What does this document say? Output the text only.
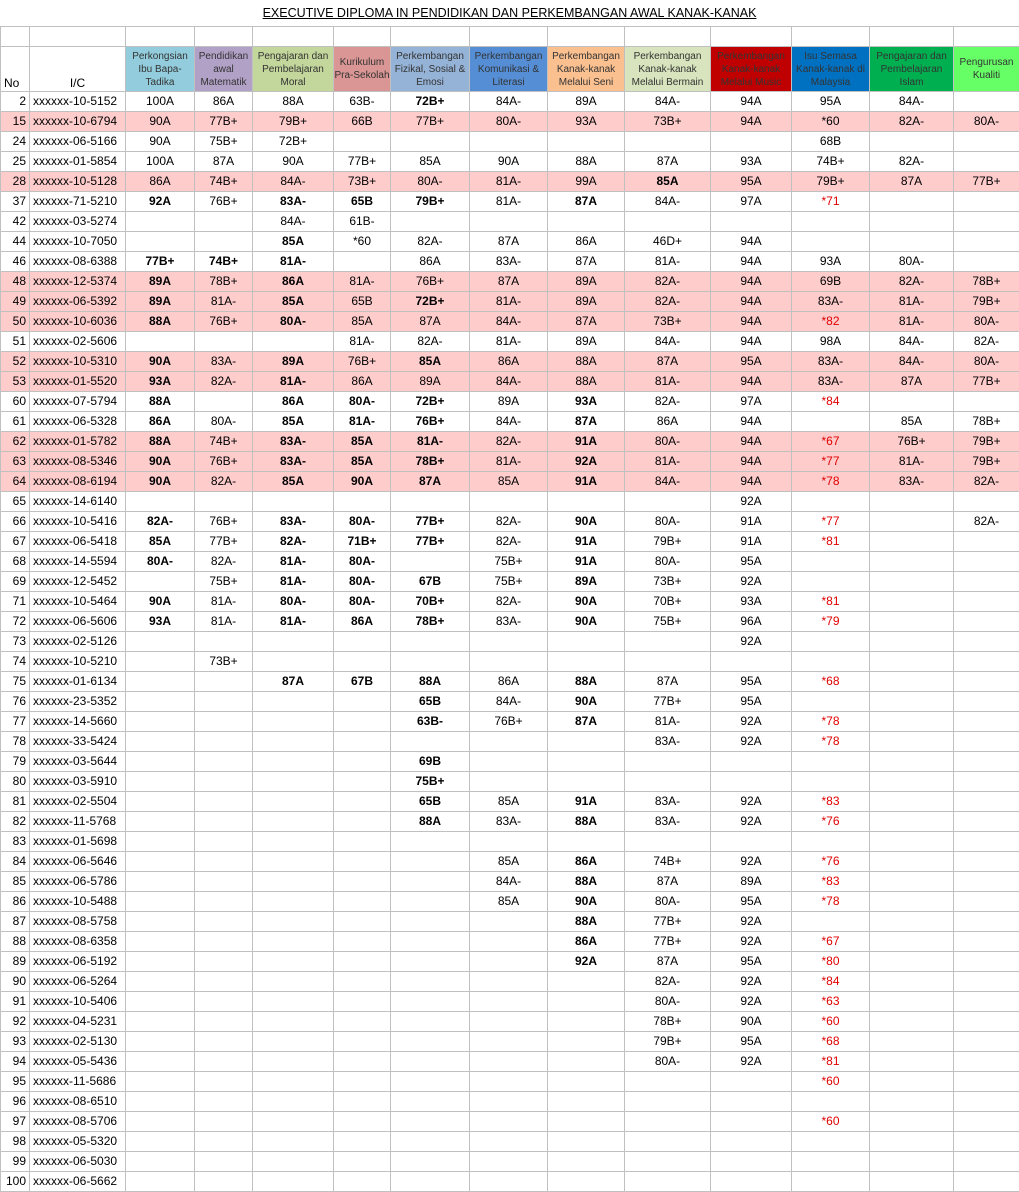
EXECUTIVE DIPLOMA IN PENDIDIKAN DAN PERKEMBANGAN AWAL KANAK-KANAK

No	I/C	Perkongsian Ibu Bapa-Tadika	Pendidikan awal Matematik	Pengajaran dan Pembelajaran Moral	Kurikulum Pra-Sekolah	Perkembangan Fizikal, Sosial & Emosi	Perkembangan Komunikasi & Literasi	Perkembangan Kanak-kanak Melalui Seni	Perkembangan Kanak-kanak Melalui Bermain	Perkembangan Kanak-kanak Melalui Music	Isu Semasa Kanak-kanak di Malaysia	Pengajaran dan Pembelajaran Islam	Pengurusan Kualiti
2	xxxxxx-10-5152	100A	86A	88A	63B-	72B+	84A-	89A	84A-	94A	95A	84A-	
15	xxxxxx-10-6794	90A	77B+	79B+	66B	77B+	80A-	93A	73B+	94A	*60	82A-	80A-
24	xxxxxx-06-5166	90A	75B+	72B+							68B		
25	xxxxxx-01-5854	100A	87A	90A	77B+	85A	90A	88A	87A	93A	74B+	82A-	
28	xxxxxx-10-5128	86A	74B+	84A-	73B+	80A-	81A-	99A	85A	95A	79B+	87A	77B+
37	xxxxxx-71-5210	92A	76B+	83A-	65B	79B+	81A-	87A	84A-	97A	*71		
42	xxxxxx-03-5274			84A-	61B-								
44	xxxxxx-10-7050			85A	*60	82A-	87A	86A	46D+	94A			
46	xxxxxx-08-6388	77B+	74B+	81A-		86A	83A-	87A	81A-	94A	93A	80A-	
48	xxxxxx-12-5374	89A	78B+	86A	81A-	76B+	87A	89A	82A-	94A	69B	82A-	78B+
49	xxxxxx-06-5392	89A	81A-	85A	65B	72B+	81A-	89A	82A-	94A	83A-	81A-	79B+
50	xxxxxx-10-6036	88A	76B+	80A-	85A	87A	84A-	87A	73B+	94A	*82	81A-	80A-
51	xxxxxx-02-5606				81A-	82A-	81A-	89A	84A-	94A	98A	84A-	82A-
52	xxxxxx-10-5310	90A	83A-	89A	76B+	85A	86A	88A	87A	95A	83A-	84A-	80A-
53	xxxxxx-01-5520	93A	82A-	81A-	86A	89A	84A-	88A	81A-	94A	83A-	87A	77B+
60	xxxxxx-07-5794	88A		86A	80A-	72B+	89A	93A	82A-	97A	*84		
61	xxxxxx-06-5328	86A	80A-	85A	81A-	76B+	84A-	87A	86A	94A		85A	78B+
62	xxxxxx-01-5782	88A	74B+	83A-	85A	81A-	82A-	91A	80A-	94A	*67	76B+	79B+
63	xxxxxx-08-5346	90A	76B+	83A-	85A	78B+	81A-	92A	81A-	94A	*77	81A-	79B+
64	xxxxxx-08-6194	90A	82A-	85A	90A	87A	85A	91A	84A-	94A	*78	83A-	82A-
65	xxxxxx-14-6140									92A			
66	xxxxxx-10-5416	82A-	76B+	83A-	80A-	77B+	82A-	90A	80A-	91A	*77		82A-
67	xxxxxx-06-5418	85A	77B+	82A-	71B+	77B+	82A-	91A	79B+	91A	*81		
68	xxxxxx-14-5594	80A-	82A-	81A-	80A-		75B+	91A	80A-	95A			
69	xxxxxx-12-5452		75B+	81A-	80A-	67B	75B+	89A	73B+	92A			
71	xxxxxx-10-5464	90A	81A-	80A-	80A-	70B+	82A-	90A	70B+	93A	*81		
72	xxxxxx-06-5606	93A	81A-	81A-	86A	78B+	83A-	90A	75B+	96A	*79		
73	xxxxxx-02-5126									92A			
74	xxxxxx-10-5210		73B+										
75	xxxxxx-01-6134			87A	67B	88A	86A	88A	87A	95A	*68		
76	xxxxxx-23-5352					65B	84A-	90A	77B+	95A			
77	xxxxxx-14-5660					63B-	76B+	87A	81A-	92A	*78		
78	xxxxxx-33-5424								83A-	92A	*78		
79	xxxxxx-03-5644					69B							
80	xxxxxx-03-5910					75B+							
81	xxxxxx-02-5504					65B	85A	91A	83A-	92A	*83		
82	xxxxxx-11-5768					88A	83A-	88A	83A-	92A	*76		
83	xxxxxx-01-5698												
84	xxxxxx-06-5646						85A	86A	74B+	92A	*76		
85	xxxxxx-06-5786						84A-	88A	87A	89A	*83		
86	xxxxxx-10-5488						85A	90A	80A-	95A	*78		
87	xxxxxx-08-5758							88A	77B+	92A			
88	xxxxxx-08-6358							86A	77B+	92A	*67		
89	xxxxxx-06-5192							92A	87A	95A	*80		
90	xxxxxx-06-5264								82A-	92A	*84		
91	xxxxxx-10-5406								80A-	92A	*63		
92	xxxxxx-04-5231								78B+	90A	*60		
93	xxxxxx-02-5130								79B+	95A	*68		
94	xxxxxx-05-5436								80A-	92A	*81		
95	xxxxxx-11-5686										*60		
96	xxxxxx-08-6510												
97	xxxxxx-08-5706										*60		
98	xxxxxx-05-5320												
99	xxxxxx-06-5030												
100	xxxxxx-06-5662												
